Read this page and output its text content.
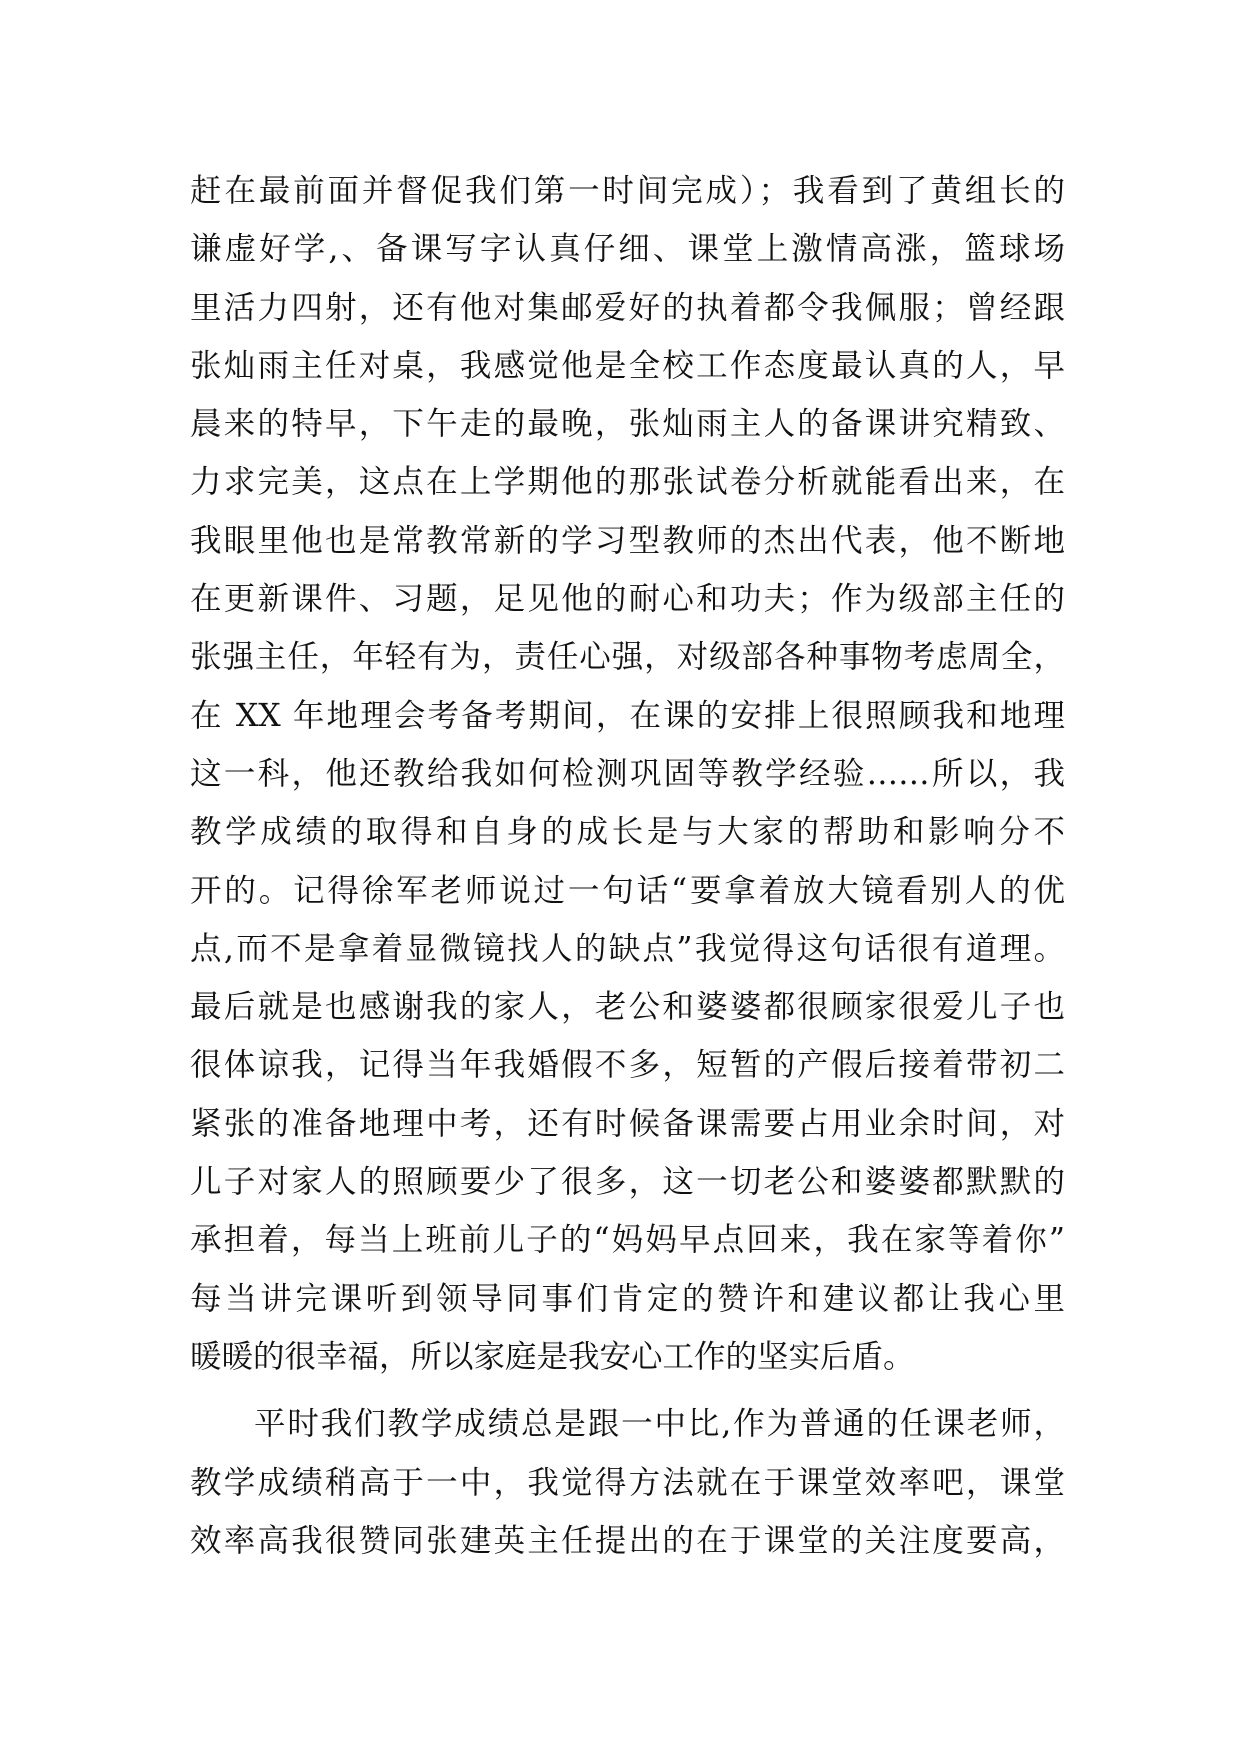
赶在最前面并督促我们第一时间完成）；我看到了黄组长的
谦虚好学,、备课写字认真仔细、课堂上激情高涨，篮球场
里活力四射，还有他对集邮爱好的执着都令我佩服；曾经跟
张灿雨主任对桌，我感觉他是全校工作态度最认真的人，早
晨来的特早，下午走的最晚，张灿雨主人的备课讲究精致、
力求完美，这点在上学期他的那张试卷分析就能看出来，在
我眼里他也是常教常新的学习型教师的杰出代表，他不断地
在更新课件、习题，足见他的耐心和功夫；作为级部主任的
张强主任，年轻有为，责任心强，对级部各种事物考虑周全，
在 XX 年地理会考备考期间，在课的安排上很照顾我和地理
这一科，他还教给我如何检测巩固等教学经验……所以，我
教学成绩的取得和自身的成长是与大家的帮助和影响分不
开的。记得徐军老师说过一句话“要拿着放大镜看别人的优
点,而不是拿着显微镜找人的缺点”我觉得这句话很有道理。
最后就是也感谢我的家人，老公和婆婆都很顾家很爱儿子也
很体谅我，记得当年我婚假不多，短暂的产假后接着带初二
紧张的准备地理中考，还有时候备课需要占用业余时间，对
儿子对家人的照顾要少了很多，这一切老公和婆婆都默默的
承担着，每当上班前儿子的“妈妈早点回来，我在家等着你”
每当讲完课听到领导同事们肯定的赞许和建议都让我心里
暖暖的很幸福，所以家庭是我安心工作的坚实后盾。
平时我们教学成绩总是跟一中比,作为普通的任课老师，
教学成绩稍高于一中，我觉得方法就在于课堂效率吧，课堂
效率高我很赞同张建英主任提出的在于课堂的关注度要高，
